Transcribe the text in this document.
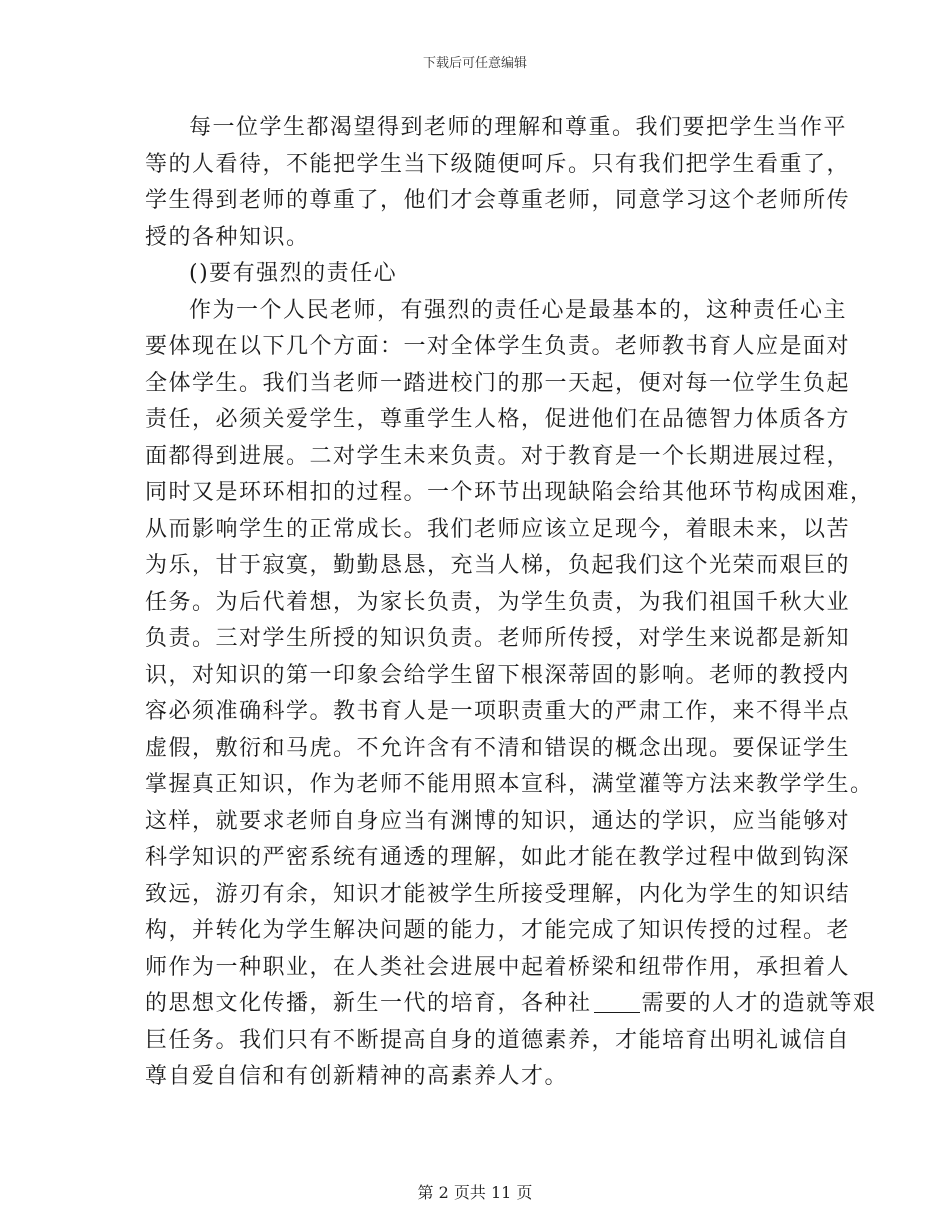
下载后可任意编辑
每一位学生都渴望得到老师的理解和尊重。我们要把学生当作平
等的人看待，不能把学生当下级随便呵斥。只有我们把学生看重了，
学生得到老师的尊重了，他们才会尊重老师，同意学习这个老师所传
授的各种知识。
()要有强烈的责任心
作为一个人民老师，有强烈的责任心是最基本的，这种责任心主
要体现在以下几个方面：一对全体学生负责。老师教书育人应是面对
全体学生。我们当老师一踏进校门的那一天起，便对每一位学生负起
责任，必须关爱学生，尊重学生人格，促进他们在品德智力体质各方
面都得到进展。二对学生未来负责。对于教育是一个长期进展过程，
同时又是环环相扣的过程。一个环节出现缺陷会给其他环节构成困难，
从而影响学生的正常成长。我们老师应该立足现今，着眼未来，以苦
为乐，甘于寂寞，勤勤恳恳，充当人梯，负起我们这个光荣而艰巨的
任务。为后代着想，为家长负责，为学生负责，为我们祖国千秋大业
负责。三对学生所授的知识负责。老师所传授，对学生来说都是新知
识，对知识的第一印象会给学生留下根深蒂固的影响。老师的教授内
容必须准确科学。教书育人是一项职责重大的严肃工作，来不得半点
虚假，敷衍和马虎。不允许含有不清和错误的概念出现。要保证学生
掌握真正知识，作为老师不能用照本宣科，满堂灌等方法来教学学生。
这样，就要求老师自身应当有渊博的知识，通达的学识，应当能够对
科学知识的严密系统有通透的理解，如此才能在教学过程中做到钩深
致远，游刃有余，知识才能被学生所接受理解，内化为学生的知识结
构，并转化为学生解决问题的能力，才能完成了知识传授的过程。老
师作为一种职业，在人类社会进展中起着桥梁和纽带作用，承担着人
的思想文化传播，新生一代的培育，各种社 需要的人才的造就等艰
巨任务。我们只有不断提高自身的道德素养，才能培育出明礼诚信自
尊自爱自信和有创新精神的高素养人才。
第 2 页共 11 页
